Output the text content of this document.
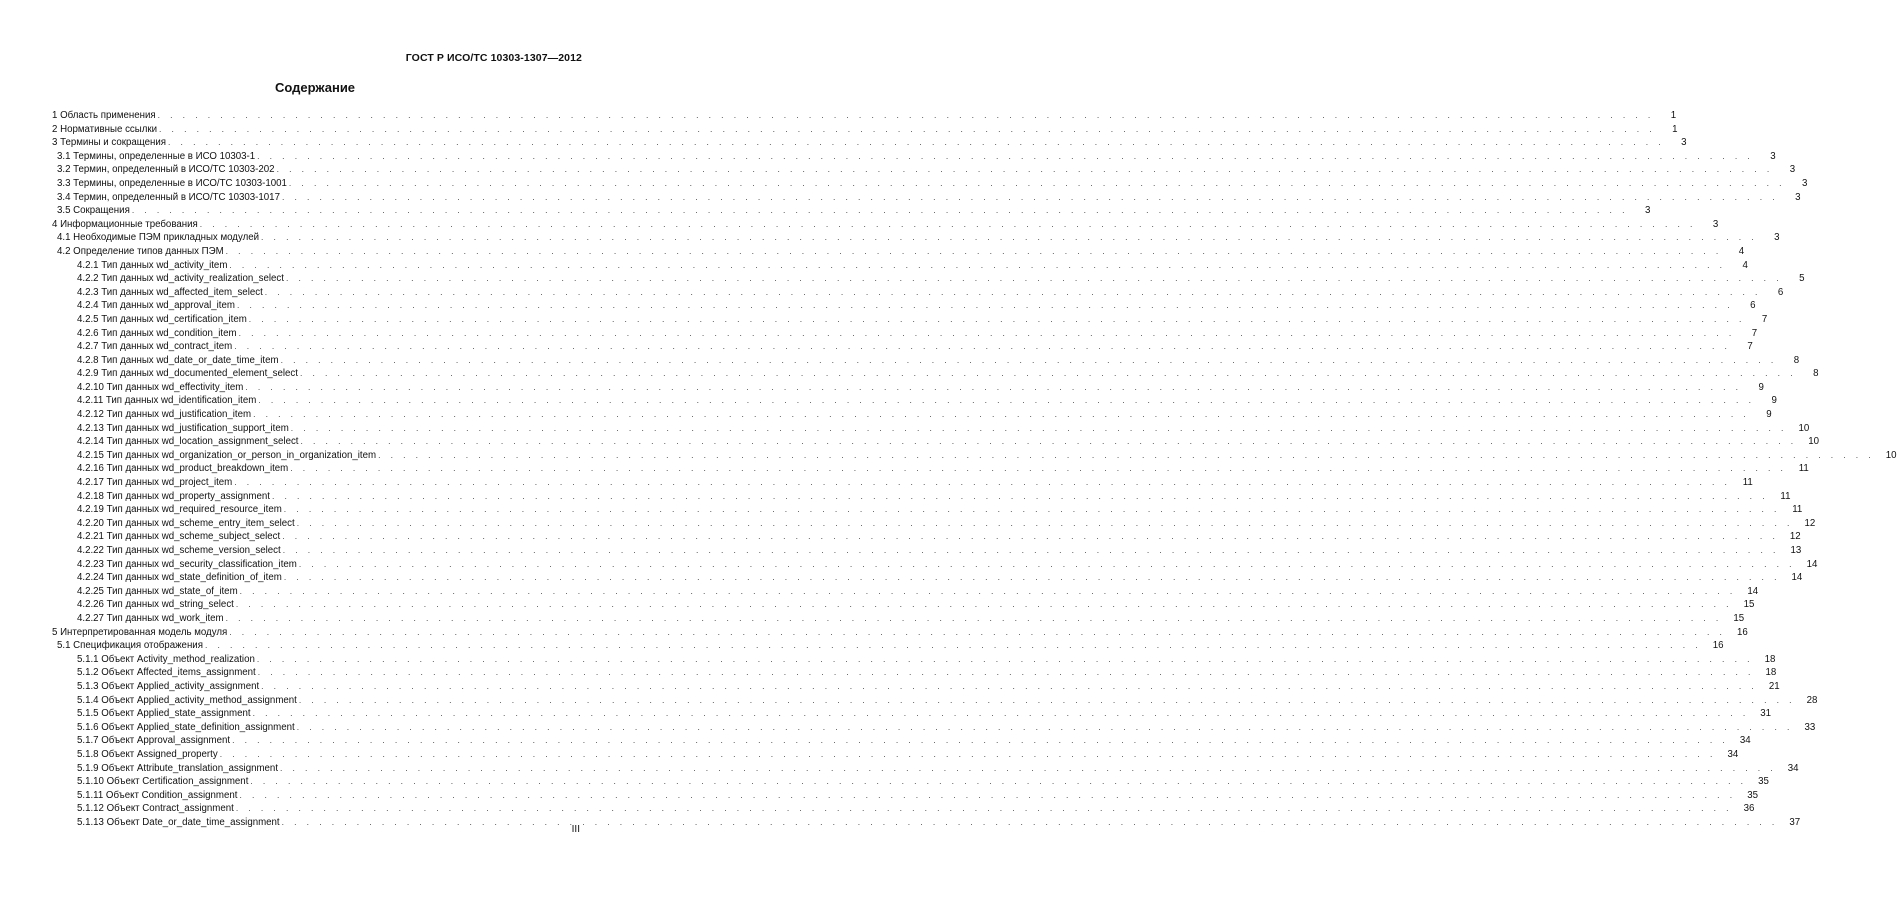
ГОСТ Р ИСО/ТС 10303-1307—2012
Содержание
1 Область применения . . . . . . . . . . . . . . . . . . . . . . . . . . . . . . . . . . . . . . . . . . . . . . . . . . . . . . . . . . . . . . . . . . . . . . . . . . . . . . . . . . . . . . . . . . . . . . . . . . . . . . . . . . . . . . . . . . . . . . . .	1
2 Нормативные ссылки . . . . . . . . . . . . . . . . . . . . . . . . . . . . . . . . . . . . . . . . . . . . . . . . . . . . . . . . . . . . . . . . . . . . . . . . . . . . . . . . . . . . . . . . . . . . . . . . . . . . . . . . . . . . . . . . . . . . . . . .	1
3 Термины и сокращения . . . . . . . . . . . . . . . . . . . . . . . . . . . . . . . . . . . . . . . . . . . . . . . . . . . . . . . . . . . . . . . . . . . . . . . . . . . . . . . . . . . . . . . . . . . . . . . . . . . . . . . . . . . . . . . . . . . . . . . .	3
3.1 Термины, определенные в ИСО 10303-1 . . . . . . . . . . . . . . . . . . . . . . . . . . . . . . . . . . . . . . . . . . . . . . . . . . . . . . . . . . . . . . . . . . . . . . . . . . . . . . . . . . . . . . . . . . . . . . . . . . . . . . . . . . . . . . . . . . . . . . . .	3
3.2 Термин, определенный в ИСО/ТС 10303-202 . . . . . . . . . . . . . . . . . . . . . . . . . . . . . . . . . . . . . . . . . . . . . . . . . . . . . . . . . . . . . . . . . . . . . . . . . . . . . . . . . . . . . . . . . . . . . . . . . . . . . . . . . . . . . . . . . . . . . . . .	3
3.3 Термины, определенные в ИСО/ТС 10303-1001 . . . . . . . . . . . . . . . . . . . . . . . . . . . . . . . . . . . . . . . . . . . . . . . . . . . . . . . . . . . . . . . . . . . . . . . . . . . . . . . . . . . . . . . . . . . . . . . . . . . . . . . . . . . . . . . . . . . . . . . .	3
3.4 Термин, определенный в ИСО/ТС 10303-1017 . . . . . . . . . . . . . . . . . . . . . . . . . . . . . . . . . . . . . . . . . . . . . . . . . . . . . . . . . . . . . . . . . . . . . . . . . . . . . . . . . . . . . . . . . . . . . . . . . . . . . . . . . . . . . . . . . . . . . . . .	3
3.5 Сокращения . . . . . . . . . . . . . . . . . . . . . . . . . . . . . . . . . . . . . . . . . . . . . . . . . . . . . . . . . . . . . . . . . . . . . . . . . . . . . . . . . . . . . . . . . . . . . . . . . . . . . . . . . . . . . . . . . . . . . . . .	3
4 Информационные требования . . . . . . . . . . . . . . . . . . . . . . . . . . . . . . . . . . . . . . . . . . . . . . . . . . . . . . . . . . . . . . . . . . . . . . . . . . . . . . . . . . . . . . . . . . . . . . . . . . . . . . . . . . . . . . . . . . . . . . . .	3
4.1 Необходимые ПЭМ прикладных модулей . . . . . . . . . . . . . . . . . . . . . . . . . . . . . . . . . . . . . . . . . . . . . . . . . . . . . . . . . . . . . . . . . . . . . . . . . . . . . . . . . . . . . . . . . . . . . . . . . . . . . . . . . . . . . . . . . . . . . . . .	3
4.2 Определение типов данных ПЭМ . . . . . . . . . . . . . . . . . . . . . . . . . . . . . . . . . . . . . . . . . . . . . . . . . . . . . . . . . . . . . . . . . . . . . . . . . . . . . . . . . . . . . . . . . . . . . . . . . . . . . . . . . . . . . . . . . . . . . . . .	4
4.2.1 Тип данных wd_activity_item . . . . . . . . . . . . . . . . . . . . . . . . . . . . . . . . . . . . . . . . . . . . . . . . . . . . . . . . . . . . . . . . . . . . . . . . . . . . . . . . . . . . . . . . . . . . . . . . . . . . . . . . . . . . . . . . . . . . . . . .	4
4.2.2 Тип данных wd_activity_realization_select . . . . . . . . . . . . . . . . . . . . . . . . . . . . . . . . . . . . . . . . . . . . . . . . . . . . . . . . . . . . . . . . . . . . . . . . . . . . . . . . . . . . . . . . . . . . . . . . . . . . . . . . . . . . . . . . . . . . . . . .	5
4.2.3 Тип данных wd_affected_item_select . . . . . . . . . . . . . . . . . . . . . . . . . . . . . . . . . . . . . . . . . . . . . . . . . . . . . . . . . . . . . . . . . . . . . . . . . . . . . . . . . . . . . . . . . . . . . . . . . . . . . . . . . . . . . . . . . . . . . . . .	6
4.2.4 Тип данных wd_approval_item . . . . . . . . . . . . . . . . . . . . . . . . . . . . . . . . . . . . . . . . . . . . . . . . . . . . . . . . . . . . . . . . . . . . . . . . . . . . . . . . . . . . . . . . . . . . . . . . . . . . . . . . . . . . . . . . . . . . . . . .	6
4.2.5 Тип данных wd_certification_item . . . . . . . . . . . . . . . . . . . . . . . . . . . . . . . . . . . . . . . . . . . . . . . . . . . . . . . . . . . . . . . . . . . . . . . . . . . . . . . . . . . . . . . . . . . . . . . . . . . . . . . . . . . . . . . . . . . . . . . .	7
4.2.6 Тип данных wd_condition_item . . . . . . . . . . . . . . . . . . . . . . . . . . . . . . . . . . . . . . . . . . . . . . . . . . . . . . . . . . . . . . . . . . . . . . . . . . . . . . . . . . . . . . . . . . . . . . . . . . . . . . . . . . . . . . . . . . . . . . . .	7
4.2.7 Тип данных wd_contract_item . . . . . . . . . . . . . . . . . . . . . . . . . . . . . . . . . . . . . . . . . . . . . . . . . . . . . . . . . . . . . . . . . . . . . . . . . . . . . . . . . . . . . . . . . . . . . . . . . . . . . . . . . . . . . . . . . . . . . . . .	7
4.2.8 Тип данных wd_date_or_date_time_item . . . . . . . . . . . . . . . . . . . . . . . . . . . . . . . . . . . . . . . . . . . . . . . . . . . . . . . . . . . . . . . . . . . . . . . . . . . . . . . . . . . . . . . . . . . . . . . . . . . . . . . . . . . . . . . . . . . . . . . .	8
4.2.9 Тип данных wd_documented_element_select . . . . . . . . . . . . . . . . . . . . . . . . . . . . . . . . . . . . . . . . . . . . . . . . . . . . . . . . . . . . . . . . . . . . . . . . . . . . . . . . . . . . . . . . . . . . . . . . . . . . . . . . . . . . . . . . . . . . . . . .	8
4.2.10 Тип данных wd_effectivity_item . . . . . . . . . . . . . . . . . . . . . . . . . . . . . . . . . . . . . . . . . . . . . . . . . . . . . . . . . . . . . . . . . . . . . . . . . . . . . . . . . . . . . . . . . . . . . . . . . . . . . . . . . . . . . . . . . . . . . . . .	9
4.2.11 Тип данных wd_identification_item . . . . . . . . . . . . . . . . . . . . . . . . . . . . . . . . . . . . . . . . . . . . . . . . . . . . . . . . . . . . . . . . . . . . . . . . . . . . . . . . . . . . . . . . . . . . . . . . . . . . . . . . . . . . . . . . . . . . . . . .	9
4.2.12 Тип данных wd_justification_item . . . . . . . . . . . . . . . . . . . . . . . . . . . . . . . . . . . . . . . . . . . . . . . . . . . . . . . . . . . . . . . . . . . . . . . . . . . . . . . . . . . . . . . . . . . . . . . . . . . . . . . . . . . . . . . . . . . . . . . .	9
4.2.13 Тип данных wd_justification_support_item . . . . . . . . . . . . . . . . . . . . . . . . . . . . . . . . . . . . . . . . . . . . . . . . . . . . . . . . . . . . . . . . . . . . . . . . . . . . . . . . . . . . . . . . . . . . . . . . . . . . . . . . . . . . . . . . . . . . . . . .	10
4.2.14 Тип данных wd_location_assignment_select . . . . . . . . . . . . . . . . . . . . . . . . . . . . . . . . . . . . . . . . . . . . . . . . . . . . . . . . . . . . . . . . . . . . . . . . . . . . . . . . . . . . . . . . . . . . . . . . . . . . . . . . . . . . . . . . . . . . . . . .	10
4.2.15 Тип данных wd_organization_or_person_in_organization_item . . . . . . . . . . . . . . . . . . . . . . . . . . . . . . . . . . . . . . . . . . . . . . . . . . . . . . . . . . . . . . . . . . . . . . . . . . . . . . . . . . . . . . . . . . . . . . . . . . . . . . . . . . . . . . . . . . . . . . . .	10
4.2.16 Тип данных wd_product_breakdown_item . . . . . . . . . . . . . . . . . . . . . . . . . . . . . . . . . . . . . . . . . . . . . . . . . . . . . . . . . . . . . . . . . . . . . . . . . . . . . . . . . . . . . . . . . . . . . . . . . . . . . . . . . . . . . . . . . . . . . . . .	11
4.2.17 Тип данных wd_project_item . . . . . . . . . . . . . . . . . . . . . . . . . . . . . . . . . . . . . . . . . . . . . . . . . . . . . . . . . . . . . . . . . . . . . . . . . . . . . . . . . . . . . . . . . . . . . . . . . . . . . . . . . . . . . . . . . . . . . . . .	11
4.2.18 Тип данных wd_property_assignment . . . . . . . . . . . . . . . . . . . . . . . . . . . . . . . . . . . . . . . . . . . . . . . . . . . . . . . . . . . . . . . . . . . . . . . . . . . . . . . . . . . . . . . . . . . . . . . . . . . . . . . . . . . . . . . . . . . . . . . .	11
4.2.19 Тип данных wd_required_resource_item . . . . . . . . . . . . . . . . . . . . . . . . . . . . . . . . . . . . . . . . . . . . . . . . . . . . . . . . . . . . . . . . . . . . . . . . . . . . . . . . . . . . . . . . . . . . . . . . . . . . . . . . . . . . . . . . . . . . . . . .	11
4.2.20 Тип данных wd_scheme_entry_item_select . . . . . . . . . . . . . . . . . . . . . . . . . . . . . . . . . . . . . . . . . . . . . . . . . . . . . . . . . . . . . . . . . . . . . . . . . . . . . . . . . . . . . . . . . . . . . . . . . . . . . . . . . . . . . . . . . . . . . . . .	12
4.2.21 Тип данных wd_scheme_subject_select . . . . . . . . . . . . . . . . . . . . . . . . . . . . . . . . . . . . . . . . . . . . . . . . . . . . . . . . . . . . . . . . . . . . . . . . . . . . . . . . . . . . . . . . . . . . . . . . . . . . . . . . . . . . . . . . . . . . . . . .	12
4.2.22 Тип данных wd_scheme_version_select . . . . . . . . . . . . . . . . . . . . . . . . . . . . . . . . . . . . . . . . . . . . . . . . . . . . . . . . . . . . . . . . . . . . . . . . . . . . . . . . . . . . . . . . . . . . . . . . . . . . . . . . . . . . . . . . . . . . . . . .	13
4.2.23 Тип данных wd_security_classification_item . . . . . . . . . . . . . . . . . . . . . . . . . . . . . . . . . . . . . . . . . . . . . . . . . . . . . . . . . . . . . . . . . . . . . . . . . . . . . . . . . . . . . . . . . . . . . . . . . . . . . . . . . . . . . . . . . . . . . . . .	14
4.2.24 Тип данных wd_state_definition_of_item . . . . . . . . . . . . . . . . . . . . . . . . . . . . . . . . . . . . . . . . . . . . . . . . . . . . . . . . . . . . . . . . . . . . . . . . . . . . . . . . . . . . . . . . . . . . . . . . . . . . . . . . . . . . . . . . . . . . . . . .	14
4.2.25 Тип данных wd_state_of_item . . . . . . . . . . . . . . . . . . . . . . . . . . . . . . . . . . . . . . . . . . . . . . . . . . . . . . . . . . . . . . . . . . . . . . . . . . . . . . . . . . . . . . . . . . . . . . . . . . . . . . . . . . . . . . . . . . . . . . . .	14
4.2.26 Тип данных wd_string_select . . . . . . . . . . . . . . . . . . . . . . . . . . . . . . . . . . . . . . . . . . . . . . . . . . . . . . . . . . . . . . . . . . . . . . . . . . . . . . . . . . . . . . . . . . . . . . . . . . . . . . . . . . . . . . . . . . . . . . . .	15
4.2.27 Тип данных wd_work_item . . . . . . . . . . . . . . . . . . . . . . . . . . . . . . . . . . . . . . . . . . . . . . . . . . . . . . . . . . . . . . . . . . . . . . . . . . . . . . . . . . . . . . . . . . . . . . . . . . . . . . . . . . . . . . . . . . . . . . . .	15
5 Интерпретированная модель модуля . . . . . . . . . . . . . . . . . . . . . . . . . . . . . . . . . . . . . . . . . . . . . . . . . . . . . . . . . . . . . . . . . . . . . . . . . . . . . . . . . . . . . . . . . . . . . . . . . . . . . . . . . . . . . . . . . . . . . . . .	16
5.1 Спецификация отображения . . . . . . . . . . . . . . . . . . . . . . . . . . . . . . . . . . . . . . . . . . . . . . . . . . . . . . . . . . . . . . . . . . . . . . . . . . . . . . . . . . . . . . . . . . . . . . . . . . . . . . . . . . . . . . . . . . . . . . . .	16
5.1.1 Объект Activity_method_realization . . . . . . . . . . . . . . . . . . . . . . . . . . . . . . . . . . . . . . . . . . . . . . . . . . . . . . . . . . . . . . . . . . . . . . . . . . . . . . . . . . . . . . . . . . . . . . . . . . . . . . . . . . . . . . . . . . . . . . . .	18
5.1.2 Объект Affected_items_assignment . . . . . . . . . . . . . . . . . . . . . . . . . . . . . . . . . . . . . . . . . . . . . . . . . . . . . . . . . . . . . . . . . . . . . . . . . . . . . . . . . . . . . . . . . . . . . . . . . . . . . . . . . . . . . . . . . . . . . . . .	18
5.1.3 Объект Applied_activity_assignment . . . . . . . . . . . . . . . . . . . . . . . . . . . . . . . . . . . . . . . . . . . . . . . . . . . . . . . . . . . . . . . . . . . . . . . . . . . . . . . . . . . . . . . . . . . . . . . . . . . . . . . . . . . . . . . . . . . . . . . .	21
5.1.4 Объект Applied_activity_method_assignment . . . . . . . . . . . . . . . . . . . . . . . . . . . . . . . . . . . . . . . . . . . . . . . . . . . . . . . . . . . . . . . . . . . . . . . . . . . . . . . . . . . . . . . . . . . . . . . . . . . . . . . . . . . . . . . . . . . . . . . .	28
5.1.5 Объект Applied_state_assignment . . . . . . . . . . . . . . . . . . . . . . . . . . . . . . . . . . . . . . . . . . . . . . . . . . . . . . . . . . . . . . . . . . . . . . . . . . . . . . . . . . . . . . . . . . . . . . . . . . . . . . . . . . . . . . . . . . . . . . . .	31
5.1.6 Объект Applied_state_definition_assignment . . . . . . . . . . . . . . . . . . . . . . . . . . . . . . . . . . . . . . . . . . . . . . . . . . . . . . . . . . . . . . . . . . . . . . . . . . . . . . . . . . . . . . . . . . . . . . . . . . . . . . . . . . . . . . . . . . . . . . . .	33
5.1.7 Объект Approval_assignment . . . . . . . . . . . . . . . . . . . . . . . . . . . . . . . . . . . . . . . . . . . . . . . . . . . . . . . . . . . . . . . . . . . . . . . . . . . . . . . . . . . . . . . . . . . . . . . . . . . . . . . . . . . . . . . . . . . . . . . .	34
5.1.8 Объект Assigned_property . . . . . . . . . . . . . . . . . . . . . . . . . . . . . . . . . . . . . . . . . . . . . . . . . . . . . . . . . . . . . . . . . . . . . . . . . . . . . . . . . . . . . . . . . . . . . . . . . . . . . . . . . . . . . . . . . . . . . . . .	34
5.1.9 Объект Attribute_translation_assignment . . . . . . . . . . . . . . . . . . . . . . . . . . . . . . . . . . . . . . . . . . . . . . . . . . . . . . . . . . . . . . . . . . . . . . . . . . . . . . . . . . . . . . . . . . . . . . . . . . . . . . . . . . . . . . . . . . . . . . . .	34
5.1.10 Объект Certification_assignment . . . . . . . . . . . . . . . . . . . . . . . . . . . . . . . . . . . . . . . . . . . . . . . . . . . . . . . . . . . . . . . . . . . . . . . . . . . . . . . . . . . . . . . . . . . . . . . . . . . . . . . . . . . . . . . . . . . . . . . .	35
5.1.11 Объект Condition_assignment . . . . . . . . . . . . . . . . . . . . . . . . . . . . . . . . . . . . . . . . . . . . . . . . . . . . . . . . . . . . . . . . . . . . . . . . . . . . . . . . . . . . . . . . . . . . . . . . . . . . . . . . . . . . . . . . . . . . . . . .	35
5.1.12 Объект Contract_assignment . . . . . . . . . . . . . . . . . . . . . . . . . . . . . . . . . . . . . . . . . . . . . . . . . . . . . . . . . . . . . . . . . . . . . . . . . . . . . . . . . . . . . . . . . . . . . . . . . . . . . . . . . . . . . . . . . . . . . . . .	36
5.1.13 Объект Date_or_date_time_assignment . . . . . . . . . . . . . . . . . . . . . . . . . . . . . . . . . . . . . . . . . . . . . . . . . . . . . . . . . . . . . . . . . . . . . . . . . . . . . . . . . . . . . . . . . . . . . . . . . . . . . . . . . . . . . . . . . . . . . . . .	37
III
